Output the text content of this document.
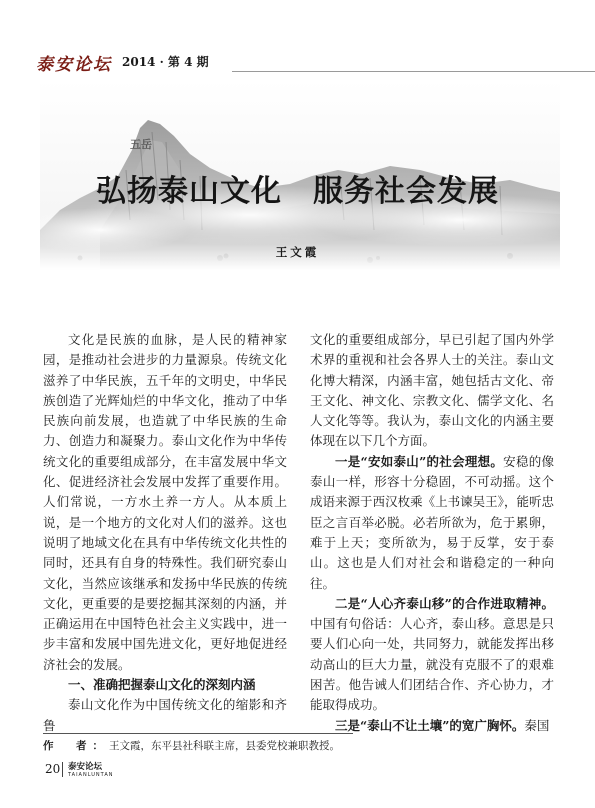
泰安论坛 2014 · 第 4 期
五岳
弘扬泰山文化　服务社会发展
王文霞

文化是民族的血脉，是人民的精神家园，是推动社会进步的力量源泉。传统文化滋养了中华民族，五千年的文明史，中华民族创造了光辉灿烂的中华文化，推动了中华民族向前发展，也造就了中华民族的生命力、创造力和凝聚力。泰山文化作为中华传统文化的重要组成部分，在丰富发展中华文化、促进经济社会发展中发挥了重要作用。人们常说，一方水土养一方人。从本质上说，是一个地方的文化对人们的滋养。这也说明了地域文化在具有中华传统文化共性的同时，还具有自身的特殊性。我们研究泰山文化，当然应该继承和发扬中华民族的传统文化，更重要的是要挖掘其深刻的内涵，并正确运用在中国特色社会主义实践中，进一步丰富和发展中国先进文化，更好地促进经济社会的发展。

一、准确把握泰山文化的深刻内涵

泰山文化作为中国传统文化的缩影和齐鲁

文化的重要组成部分，早已引起了国内外学术界的重视和社会各界人士的关注。泰山文化博大精深，内涵丰富，她包括古文化、帝王文化、神文化、宗教文化、儒学文化、名人文化等等。我认为，泰山文化的内涵主要体现在以下几个方面。

一是“安如泰山”的社会理想。安稳的像泰山一样，形容十分稳固，不可动摇。这个成语来源于西汉枚乘《上书谏吴王》，能听忠臣之言百举必脱。必若所欲为，危于累卵，难于上天；变所欲为，易于反掌，安于泰山。这也是人们对社会和谐稳定的一种向往。

二是“人心齐泰山移”的合作进取精神。中国有句俗话：人心齐，泰山移。意思是只要人们心向一处，共同努力，就能发挥出移动高山的巨大力量，就没有克服不了的艰难困苦。他告诫人们团结合作、齐心协力，才能取得成功。

三是“泰山不让土壤”的宽广胸怀。秦国

作　者：王文霞，东平县社科联主席，县委党校兼职教授。
20 泰安论坛
TAIANLUNTAN
